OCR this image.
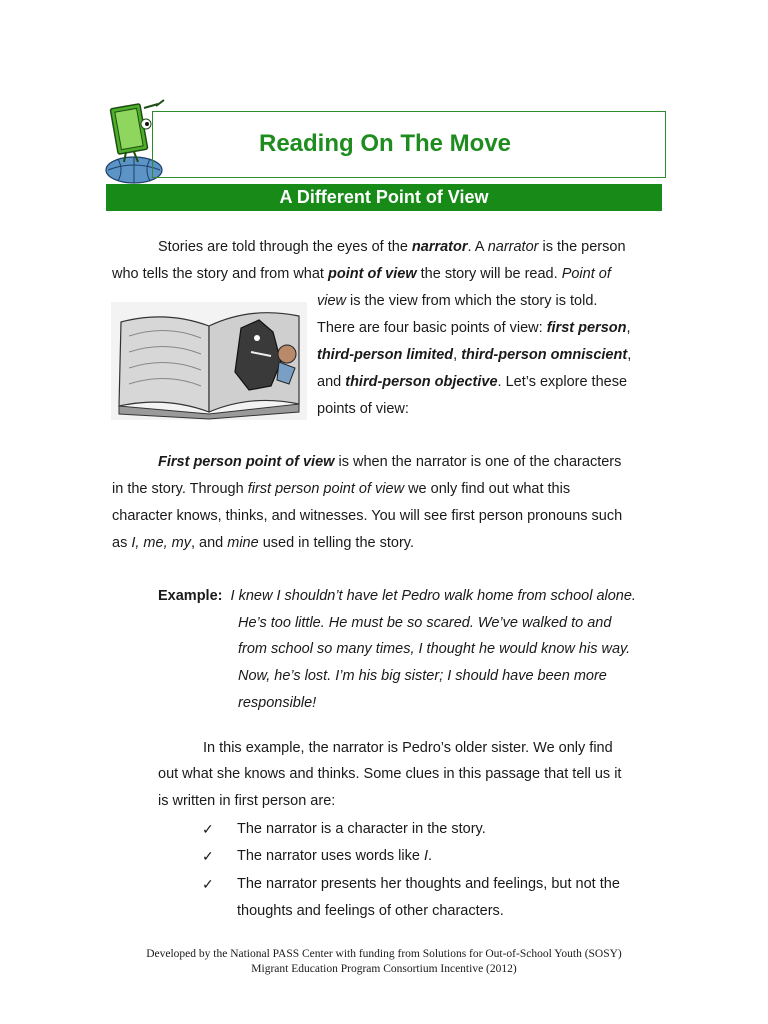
Reading On The Move
A Different Point of View
Stories are told through the eyes of the narrator. A narrator is the person
who tells the story and from what point of view the story will be read. Point of
view is the view from which the story is told.
There are four basic points of view: first person,
third-person limited, third-person omniscient,
and third-person objective. Let’s explore these
points of view:
First person point of view is when the narrator is one of the characters
in the story. Through first person point of view we only find out what this
character knows, thinks, and witnesses. You will see first person pronouns such
as I, me, my, and mine used in telling the story.
Example: I knew I shouldn’t have let Pedro walk home from school alone.
He’s too little. He must be so scared. We’ve walked to and
from school so many times, I thought he would know his way.
Now, he’s lost. I’m his big sister; I should have been more
responsible!
In this example, the narrator is Pedro’s older sister. We only find
out what she knows and thinks. Some clues in this passage that tell us it
is written in first person are:
✓ The narrator is a character in the story.
✓ The narrator uses words like I.
✓ The narrator presents her thoughts and feelings, but not the
thoughts and feelings of other characters.
Developed by the National PASS Center with funding from Solutions for Out-of-School Youth (SOSY)
Migrant Education Program Consortium Incentive (2012)
